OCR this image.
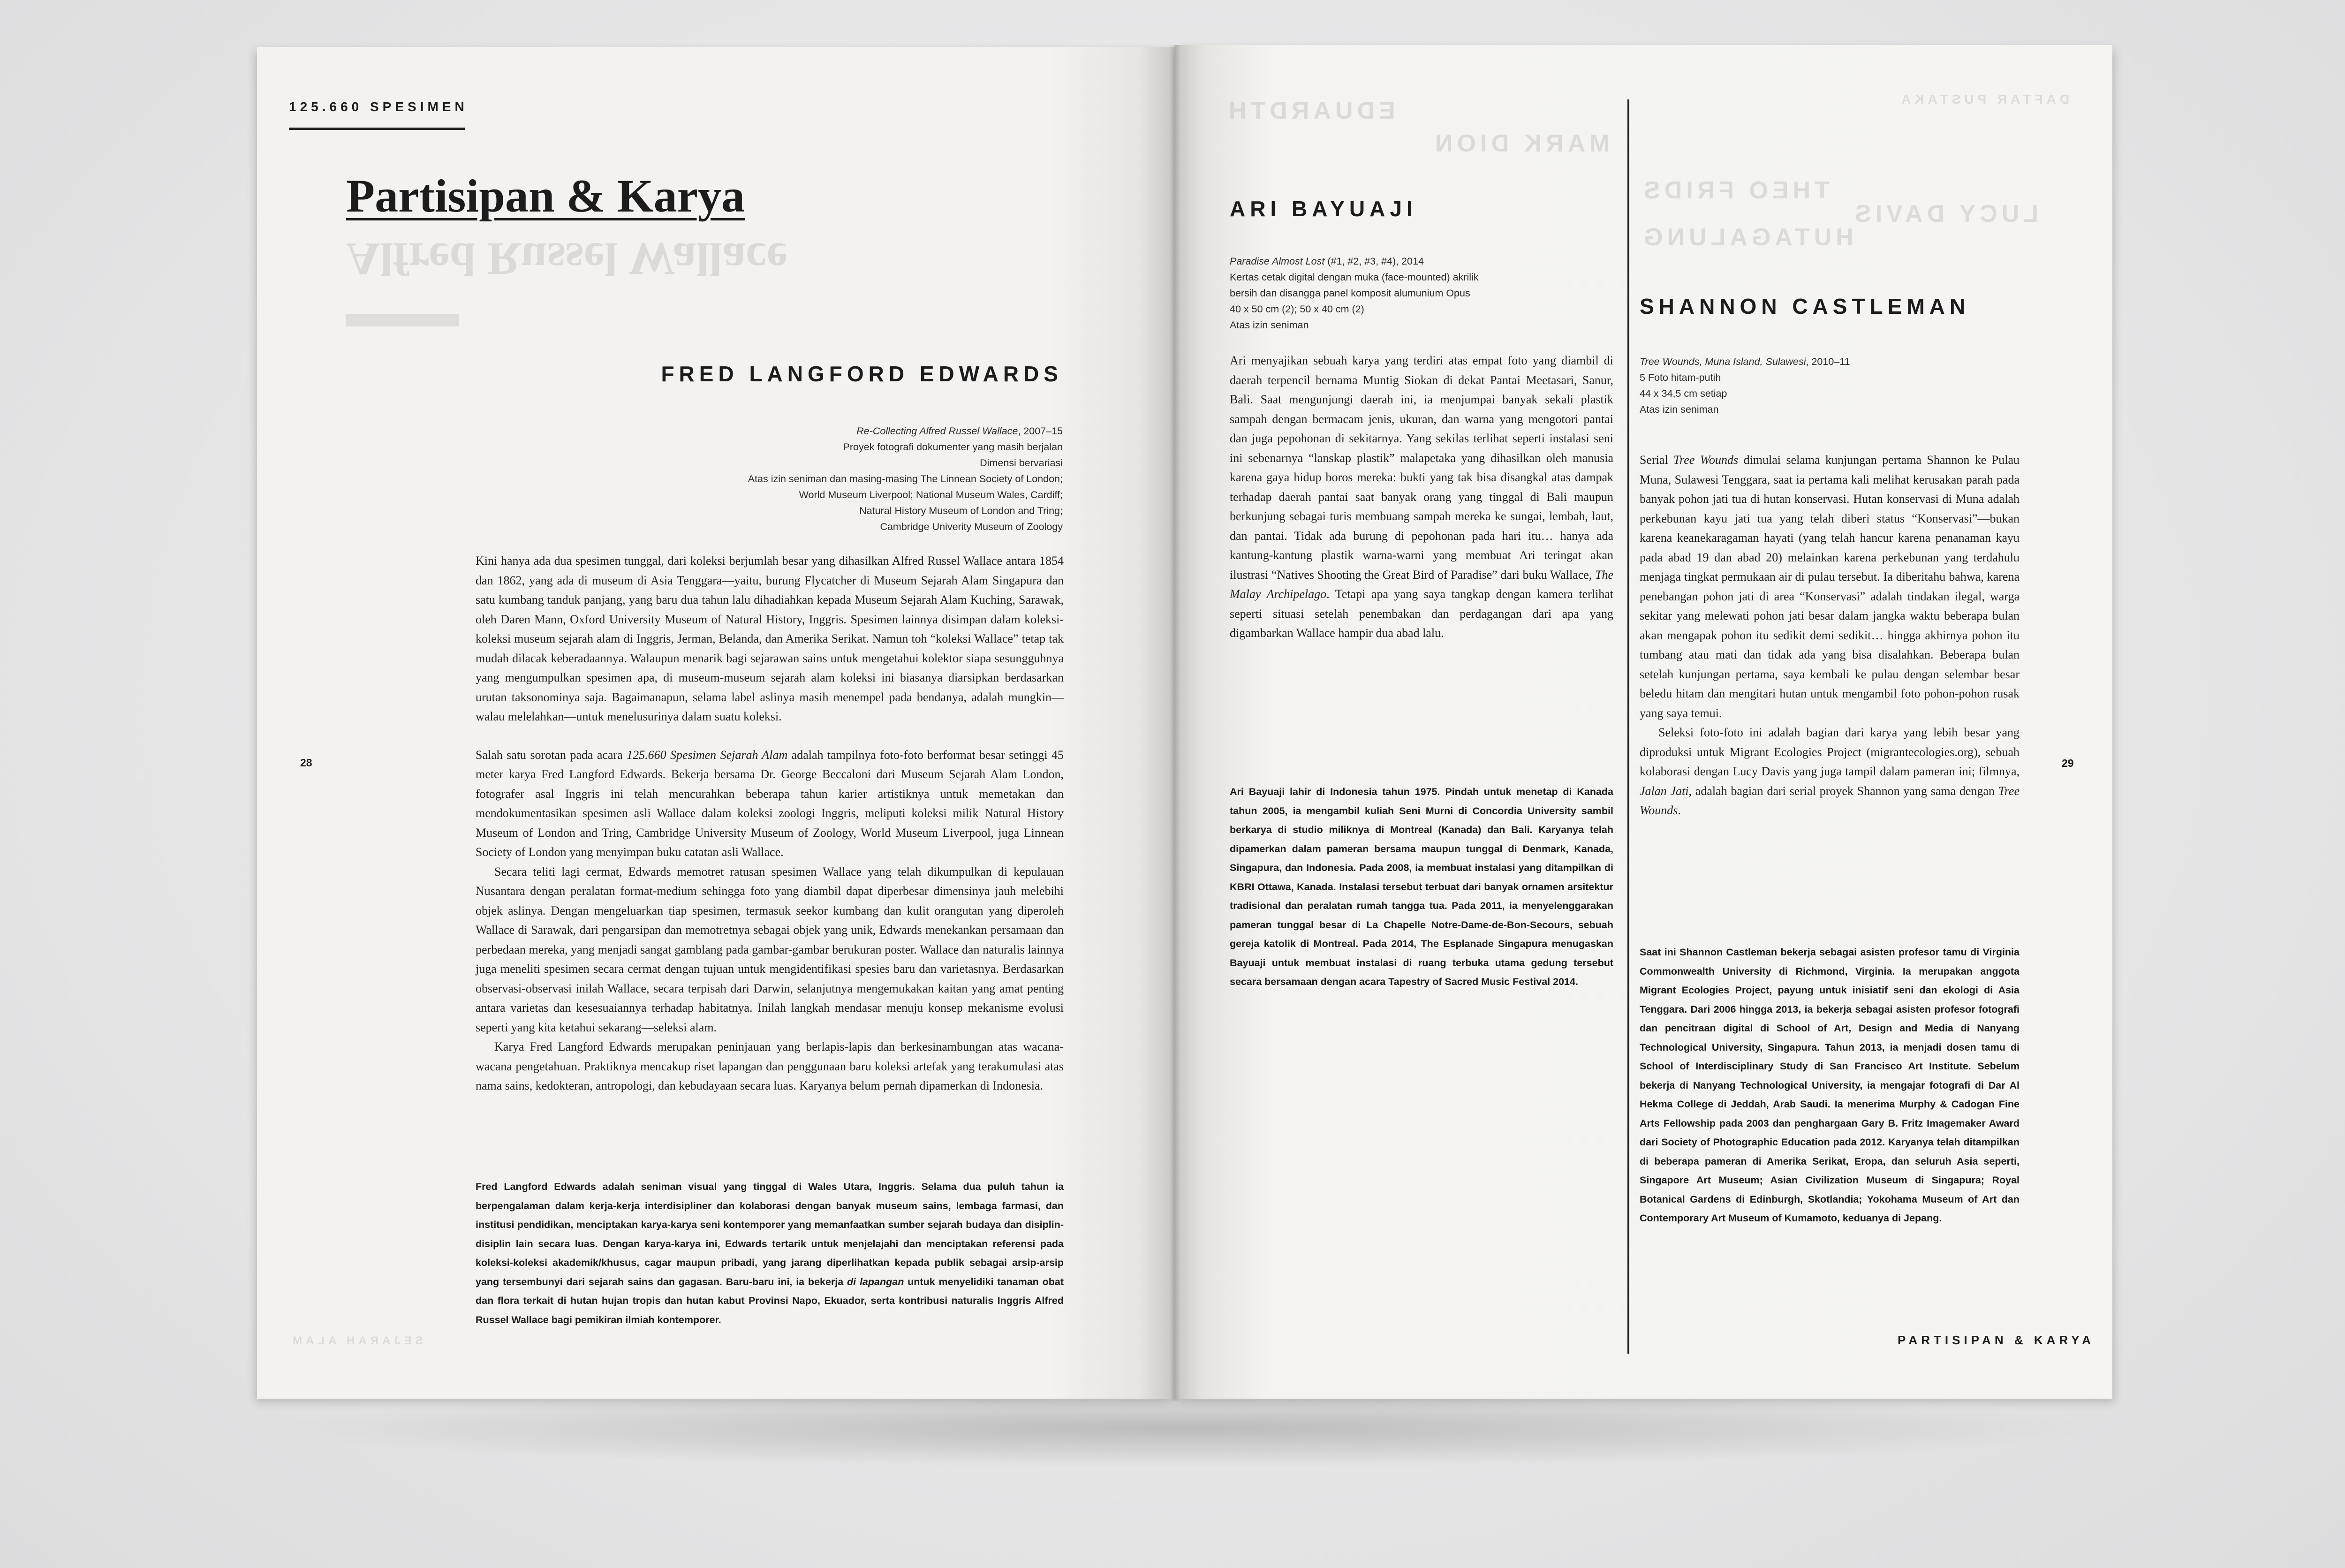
125.660 SPESIMEN
Alfred Russel Wallace
Partisipan & Karya
FRED LANGFORD EDWARDS
Re-Collecting Alfred Russel Wallace, 2007–15
Proyek fotografi dokumenter yang masih berjalan
Dimensi bervariasi
Atas izin seniman dan masing-masing The Linnean Society of London;
World Museum Liverpool; National Museum Wales, Cardiff;
Natural History Museum of London and Tring;
Cambridge Univerity Museum of Zoology

Kini hanya ada dua spesimen tunggal, dari koleksi berjumlah besar yang dihasilkan Alfred Russel Wallace antara 1854 dan 1862, yang ada di museum di Asia Tenggara—yaitu, burung Flycatcher di Museum Sejarah Alam Singapura dan satu kumbang tanduk panjang, yang baru dua tahun lalu dihadiahkan kepada Museum Sejarah Alam Kuching, Sarawak, oleh Daren Mann, Oxford University Museum of Natural History, Inggris. Spesimen lainnya disimpan dalam koleksi-koleksi museum sejarah alam di Inggris, Jerman, Belanda, dan Amerika Serikat. Namun toh “koleksi Wallace” tetap tak mudah dilacak keberadaannya. Walaupun menarik bagi sejarawan sains untuk mengetahui kolektor siapa sesungguhnya yang mengumpulkan spesimen apa, di museum-museum sejarah alam koleksi ini biasanya diarsipkan berdasarkan urutan taksonominya saja. Bagaimanapun, selama label aslinya masih menempel pada bendanya, adalah mungkin—walau melelahkan—untuk menelusurinya dalam suatu koleksi.

Salah satu sorotan pada acara 125.660 Spesimen Sejarah Alam adalah tampilnya foto-foto berformat besar setinggi 45 meter karya Fred Langford Edwards. Bekerja bersama Dr. George Beccaloni dari Museum Sejarah Alam London, fotografer asal Inggris ini telah mencurahkan beberapa tahun karier artistiknya untuk memetakan dan mendokumentasikan spesimen asli Wallace dalam koleksi zoologi Inggris, meliputi koleksi milik Natural History Museum of London and Tring, Cambridge University Museum of Zoology, World Museum Liverpool, juga Linnean Society of London yang menyimpan buku catatan asli Wallace.

Secara teliti lagi cermat, Edwards memotret ratusan spesimen Wallace yang telah dikumpulkan di kepulauan Nusantara dengan peralatan format-medium sehingga foto yang diambil dapat diperbesar dimensinya jauh melebihi objek aslinya. Dengan mengeluarkan tiap spesimen, termasuk seekor kumbang dan kulit orangutan yang diperoleh Wallace di Sarawak, dari pengarsipan dan memotretnya sebagai objek yang unik, Edwards menekankan persamaan dan perbedaan mereka, yang menjadi sangat gamblang pada gambar-gambar berukuran poster. Wallace dan naturalis lainnya juga meneliti spesimen secara cermat dengan tujuan untuk mengidentifikasi spesies baru dan varietasnya. Berdasarkan observasi-observasi inilah Wallace, secara terpisah dari Darwin, selanjutnya mengemukakan kaitan yang amat penting antara varietas dan kesesuaiannya terhadap habitatnya. Inilah langkah mendasar menuju konsep mekanisme evolusi seperti yang kita ketahui sekarang—seleksi alam.

Karya Fred Langford Edwards merupakan peninjauan yang berlapis-lapis dan berkesinambungan atas wacana-wacana pengetahuan. Praktiknya mencakup riset lapangan dan penggunaan baru koleksi artefak yang terakumulasi atas nama sains, kedokteran, antropologi, dan kebudayaan secara luas. Karyanya belum pernah dipamerkan di Indonesia.

Fred Langford Edwards adalah seniman visual yang tinggal di Wales Utara, Inggris. Selama dua puluh tahun ia berpengalaman dalam kerja-kerja interdisipliner dan kolaborasi dengan banyak museum sains, lembaga farmasi, dan institusi pendidikan, menciptakan karya-karya seni kontemporer yang memanfaatkan sumber sejarah budaya dan disiplin-disiplin lain secara luas. Dengan karya-karya ini, Edwards tertarik untuk menjelajahi dan menciptakan referensi pada koleksi-koleksi akademik/khusus, cagar maupun pribadi, yang jarang diperlihatkan kepada publik sebagai arsip-arsip yang tersembunyi dari sejarah sains dan gagasan. Baru-baru ini, ia bekerja di lapangan untuk menyelidiki tanaman obat dan flora terkait di hutan hujan tropis dan hutan kabut Provinsi Napo, Ekuador, serta kontribusi naturalis Inggris Alfred Russel Wallace bagi pemikiran ilmiah kontemporer.
SEJARAH ALAM
28
EDUARDTH
MARK DION
THEO FRIDS
LUCY DAVIS
HUTAGALUNG
DAFTAR PUSTAKA
ARI BAYUAJI
Paradise Almost Lost (#1, #2, #3, #4), 2014
Kertas cetak digital dengan muka (face-mounted) akrilik
bersih dan disangga panel komposit alumunium Opus
40 x 50 cm (2); 50 x 40 cm (2)
Atas izin seniman

Ari menyajikan sebuah karya yang terdiri atas empat foto yang diambil di daerah terpencil bernama Muntig Siokan di dekat Pantai Meetasari, Sanur, Bali. Saat mengunjungi daerah ini, ia menjumpai banyak sekali plastik sampah dengan bermacam jenis, ukuran, dan warna yang mengotori pantai dan juga pepohonan di sekitarnya. Yang sekilas terlihat seperti instalasi seni ini sebenarnya “lanskap plastik” malapetaka yang dihasilkan oleh manusia karena gaya hidup boros mereka: bukti yang tak bisa disangkal atas dampak terhadap daerah pantai saat banyak orang yang tinggal di Bali maupun berkunjung sebagai turis membuang sampah mereka ke sungai, lembah, laut, dan pantai. Tidak ada burung di pepohonan pada hari itu… hanya ada kantung-kantung plastik warna-warni yang membuat Ari teringat akan ilustrasi “Natives Shooting the Great Bird of Paradise” dari buku Wallace, The Malay Archipelago. Tetapi apa yang saya tangkap dengan kamera terlihat seperti situasi setelah penembakan dan perdagangan dari apa yang digambarkan Wallace hampir dua abad lalu.

Ari Bayuaji lahir di Indonesia tahun 1975. Pindah untuk menetap di Kanada tahun 2005, ia mengambil kuliah Seni Murni di Concordia University sambil berkarya di studio miliknya di Montreal (Kanada) dan Bali. Karyanya telah dipamerkan dalam pameran bersama maupun tunggal di Denmark, Kanada, Singapura, dan Indonesia. Pada 2008, ia membuat instalasi yang ditampilkan di KBRI Ottawa, Kanada. Instalasi tersebut terbuat dari banyak ornamen arsitektur tradisional dan peralatan rumah tangga tua. Pada 2011, ia menyelenggarakan pameran tunggal besar di La Chapelle Notre-Dame-de-Bon-Secours, sebuah gereja katolik di Montreal. Pada 2014, The Esplanade Singapura menugaskan Bayuaji untuk membuat instalasi di ruang terbuka utama gedung tersebut secara bersamaan dengan acara Tapestry of Sacred Music Festival 2014.
SHANNON CASTLEMAN
Tree Wounds, Muna Island, Sulawesi, 2010–11
5 Foto hitam-putih
44 x 34,5 cm setiap
Atas izin seniman

Serial Tree Wounds dimulai selama kunjungan pertama Shannon ke Pulau Muna, Sulawesi Tenggara, saat ia pertama kali melihat kerusakan parah pada banyak pohon jati tua di hutan konservasi. Hutan konservasi di Muna adalah perkebunan kayu jati tua yang telah diberi status “Konservasi”—bukan karena keanekaragaman hayati (yang telah hancur karena penanaman kayu pada abad 19 dan abad 20) melainkan karena perkebunan yang terdahulu menjaga tingkat permukaan air di pulau tersebut. Ia diberitahu bahwa, karena penebangan pohon jati di area “Konservasi” adalah tindakan ilegal, warga sekitar yang melewati pohon jati besar dalam jangka waktu beberapa bulan akan mengapak pohon itu sedikit demi sedikit… hingga akhirnya pohon itu tumbang atau mati dan tidak ada yang bisa disalahkan. Beberapa bulan setelah kunjungan pertama, saya kembali ke pulau dengan selembar besar beledu hitam dan mengitari hutan untuk mengambil foto pohon-pohon rusak yang saya temui.

Seleksi foto-foto ini adalah bagian dari karya yang lebih besar yang diproduksi untuk Migrant Ecologies Project (migrantecologies.org), sebuah kolaborasi dengan Lucy Davis yang juga tampil dalam pameran ini; filmnya, Jalan Jati, adalah bagian dari serial proyek Shannon yang sama dengan Tree Wounds.

Saat ini Shannon Castleman bekerja sebagai asisten profesor tamu di Virginia Commonwealth University di Richmond, Virginia. Ia merupakan anggota Migrant Ecologies Project, payung untuk inisiatif seni dan ekologi di Asia Tenggara. Dari 2006 hingga 2013, ia bekerja sebagai asisten profesor fotografi dan pencitraan digital di School of Art, Design and Media di Nanyang Technological University, Singapura. Tahun 2013, ia menjadi dosen tamu di School of Interdisciplinary Study di San Francisco Art Institute. Sebelum bekerja di Nanyang Technological University, ia mengajar fotografi di Dar Al Hekma College di Jeddah, Arab Saudi. Ia menerima Murphy & Cadogan Fine Arts Fellowship pada 2003 dan penghargaan Gary B. Fritz Imagemaker Award dari Society of Photographic Education pada 2012. Karyanya telah ditampilkan di beberapa pameran di Amerika Serikat, Eropa, dan seluruh Asia seperti, Singapore Art Museum; Asian Civilization Museum di Singapura; Royal Botanical Gardens di Edinburgh, Skotlandia; Yokohama Museum of Art dan Contemporary Art Museum of Kumamoto, keduanya di Jepang.
PARTISIPAN & KARYA
29
